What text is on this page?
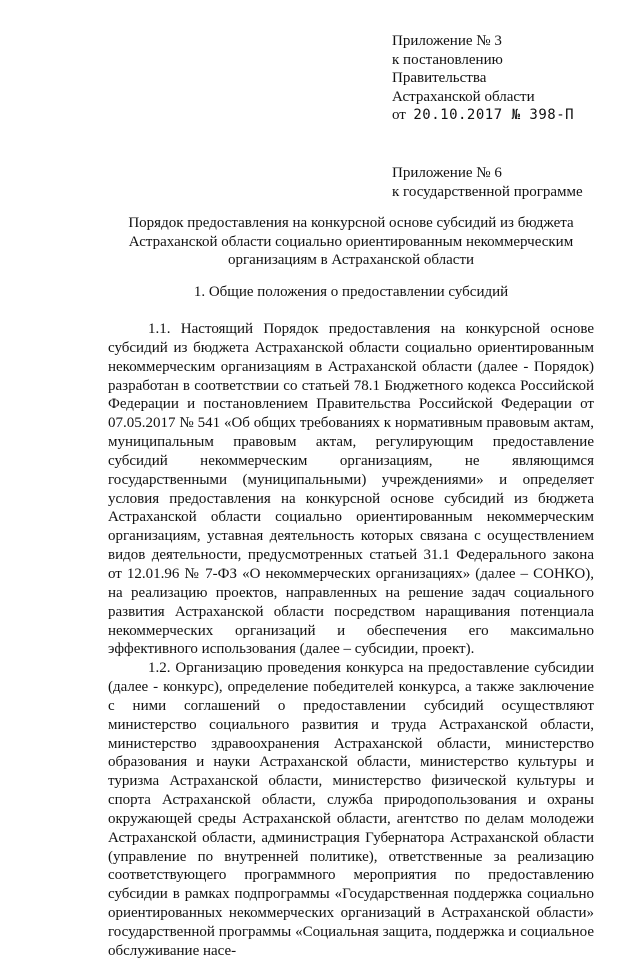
Приложение № 3
к постановлению
Правительства
Астраханской области
от 20.10.2017 № 398-П
Приложение № 6
к государственной программе
Порядок предоставления на конкурсной основе субсидий из бюджета Астраханской области социально ориентированным некоммерческим организациям в Астраханской области
1. Общие положения о предоставлении субсидий

1.1. Настоящий Порядок предоставления на конкурсной основе субсидий из бюджета Астраханской области социально ориентированным некоммерческим организациям в Астраханской области (далее - Порядок) разработан в соответствии со статьей 78.1 Бюджетного кодекса Российской Федерации и постановлением Правительства Российской Федерации от 07.05.2017 № 541 «Об общих требованиях к нормативным правовым актам, муниципальным правовым актам, регулирующим предоставление субсидий некоммерческим организациям, не являющимся государственными (муниципальными) учреждениями» и определяет условия предоставления на конкурсной основе субсидий из бюджета Астраханской области социально ориентированным некоммерческим организациям, уставная деятельность которых связана с осуществлением видов деятельности, предусмотренных статьей 31.1 Федерального закона от 12.01.96 № 7-ФЗ «О некоммерческих организациях» (далее – СОНКО), на реализацию проектов, направленных на решение задач социального развития Астраханской области посредством наращивания потенциала некоммерческих организаций и обеспечения его максимально эффективного использования (далее – субсидии, проект).

1.2. Организацию проведения конкурса на предоставление субсидии (далее - конкурс), определение победителей конкурса, а также заключение с ними соглашений о предоставлении субсидий осуществляют министерство социального развития и труда Астраханской области, министерство здравоохранения Астраханской области, министерство образования и науки Астраханской области, министерство культуры и туризма Астраханской области, министерство физической культуры и спорта Астраханской области, служба природопользования и охраны окружающей среды Астраханской области, агентство по делам молодежи Астраханской области, администрация Губернатора Астраханской области (управление по внутренней политике), ответственные за реализацию соответствующего программного мероприятия по предоставлению субсидии в рамках подпрограммы «Государственная поддержка социально ориентированных некоммерческих организаций в Астраханской области» государственной программы «Социальная защита, поддержка и социальное обслуживание насе-
